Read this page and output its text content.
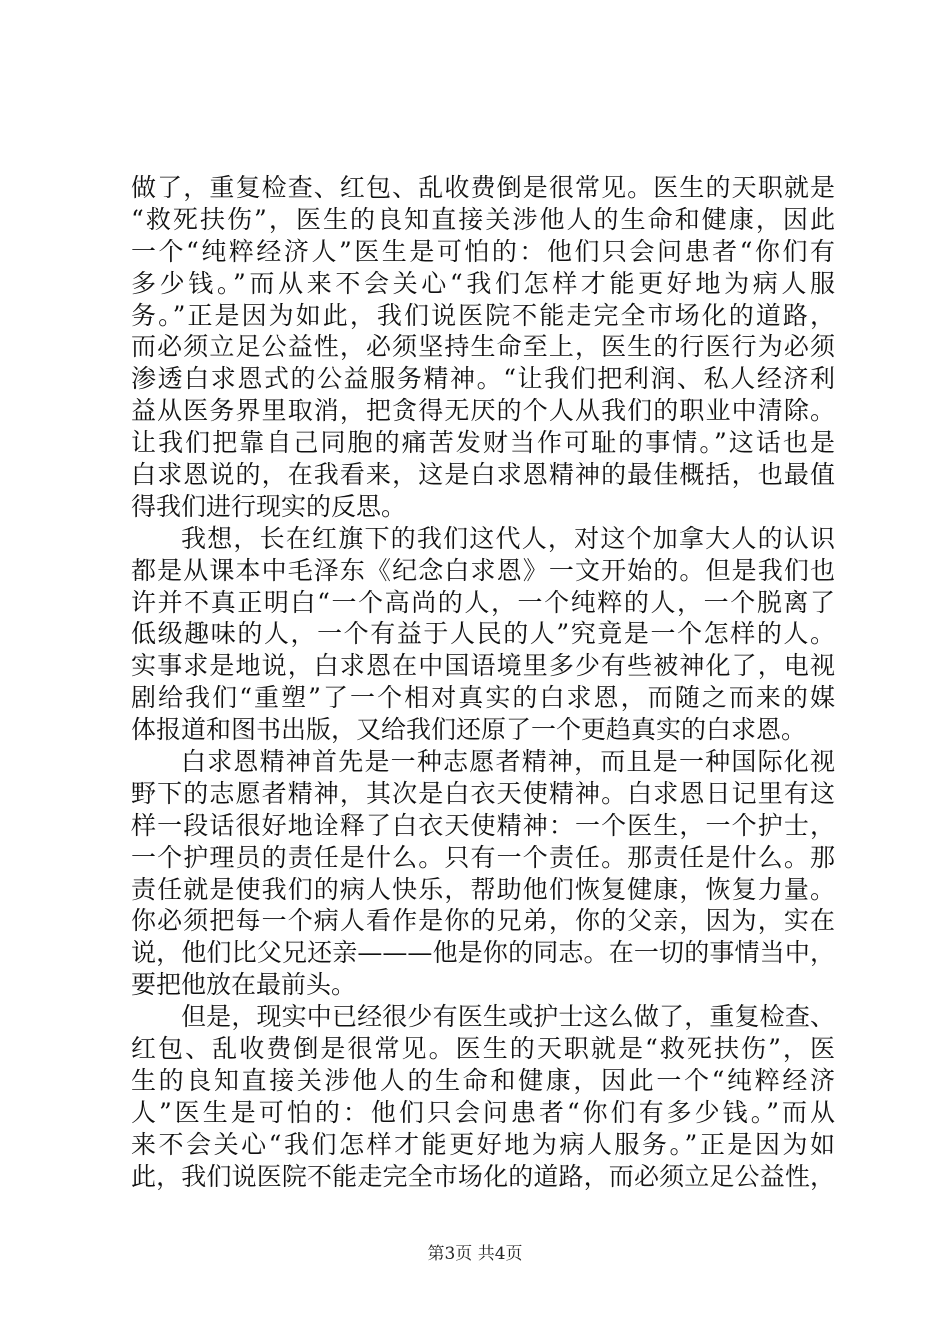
做了，重复检查、红包、乱收费倒是很常见。医生的天职就是
“救死扶伤”，医生的良知直接关涉他人的生命和健康，因此
一个“纯粹经济人”医生是可怕的：他们只会问患者“你们有
多少钱。”而从来不会关心“我们怎样才能更好地为病人服
务。”正是因为如此，我们说医院不能走完全市场化的道路，
而必须立足公益性，必须坚持生命至上，医生的行医行为必须
渗透白求恩式的公益服务精神。“让我们把利润、私人经济利
益从医务界里取消，把贪得无厌的个人从我们的职业中清除。
让我们把靠自己同胞的痛苦发财当作可耻的事情。”这话也是
白求恩说的，在我看来，这是白求恩精神的最佳概括，也最值
得我们进行现实的反思。
我想，长在红旗下的我们这代人，对这个加拿大人的认识
都是从课本中毛泽东《纪念白求恩》一文开始的。但是我们也
许并不真正明白“一个高尚的人，一个纯粹的人，一个脱离了
低级趣味的人，一个有益于人民的人”究竟是一个怎样的人。
实事求是地说，白求恩在中国语境里多少有些被神化了，电视
剧给我们“重塑”了一个相对真实的白求恩，而随之而来的媒
体报道和图书出版，又给我们还原了一个更趋真实的白求恩。
白求恩精神首先是一种志愿者精神，而且是一种国际化视
野下的志愿者精神，其次是白衣天使精神。白求恩日记里有这
样一段话很好地诠释了白衣天使精神：一个医生，一个护士，
一个护理员的责任是什么。只有一个责任。那责任是什么。那
责任就是使我们的病人快乐，帮助他们恢复健康，恢复力量。
你必须把每一个病人看作是你的兄弟，你的父亲，因为，实在
说，他们比父兄还亲———他是你的同志。在一切的事情当中，
要把他放在最前头。
但是，现实中已经很少有医生或护士这么做了，重复检查、
红包、乱收费倒是很常见。医生的天职就是“救死扶伤”，医
生的良知直接关涉他人的生命和健康，因此一个“纯粹经济
人”医生是可怕的：他们只会问患者“你们有多少钱。”而从
来不会关心“我们怎样才能更好地为病人服务。”正是因为如
此，我们说医院不能走完全市场化的道路，而必须立足公益性，
第3页 共4页
